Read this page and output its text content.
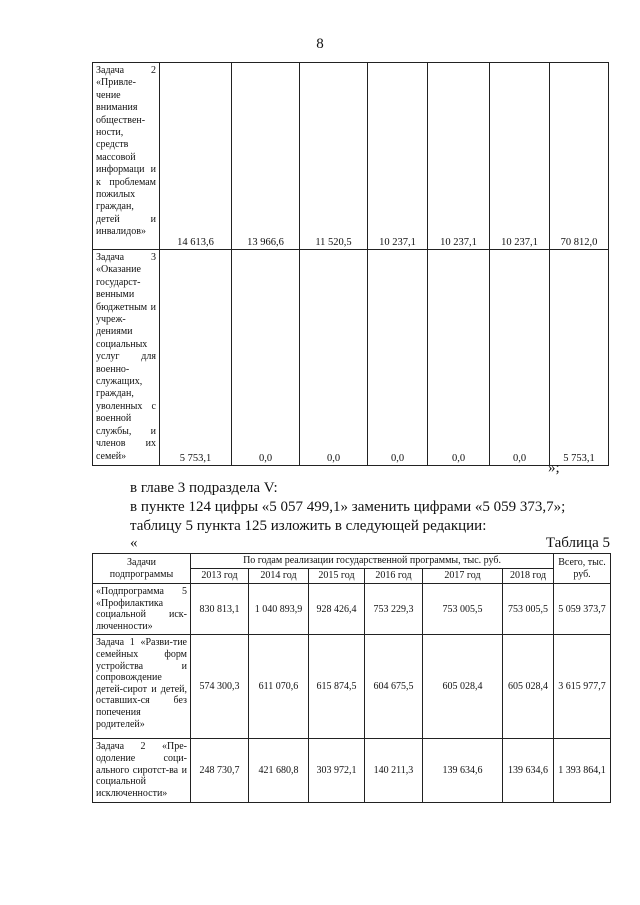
8
Задача 2 «Привле-чение внимания обществен-ности, средств массовой информаци и к проблемам пожилых граждан, детей и инвалидов»	14 613,6	13 966,6	11 520,5	10 237,1	10 237,1	10 237,1	70 812,0
Задача 3 «Оказание государст-венными бюджетным и учреж-дениями социальных услуг для военно-служащих, граждан, уволенных с военной службы, и членов их семей»	5 753,1	0,0	0,0	0,0	0,0	0,0	5 753,1
»;
в главе 3 подраздела V:
в пункте 124 цифры «5 057 499,1» заменить цифрами «5 059 373,7»;
таблицу 5 пункта 125 изложить в следующей редакции:
«	Таблица 5
Задачи подпрограммы	По годам реализации государственной программы, тыс. руб.						Всего, тыс. руб.
	2013 год	2014 год	2015 год	2016 год	2017 год	2018 год	
«Подпрограмма 5 «Профилактика социальной иск-люченности»	830 813,1	1 040 893,9	928 426,4	753 229,3	753 005,5	753 005,5	5 059 373,7
Задача 1 «Разви-тие семейных форм устройства и сопровождение детей-сирот и детей, оставших-ся без попечения родителей»	574 300,3	611 070,6	615 874,5	604 675,5	605 028,4	605 028,4	3 615 977,7
Задача 2 «Пре-одоление соци-ального сиротст-ва и социальной исключенности»	248 730,7	421 680,8	303 972,1	140 211,3	139 634,6	139 634,6	1 393 864,1
